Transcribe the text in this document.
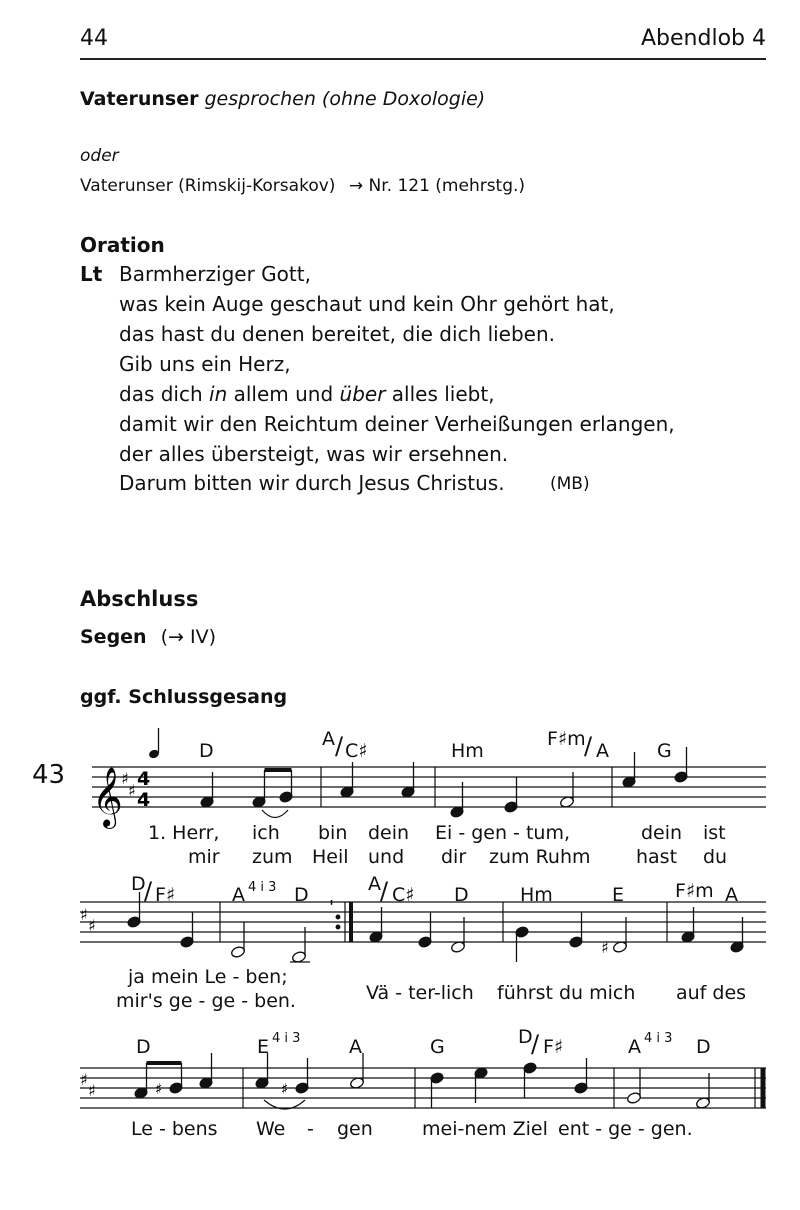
44	Abendlob 4
Vaterunser gesprochen (ohne Doxologie)
oder
Vaterunser (Rimskij-Korsakov) → Nr. 121 (mehrstg.)
Oration
Lt Barmherziger Gott,
was kein Auge geschaut und kein Ohr gehört hat,
das hast du denen bereitet, die dich lieben.
Gib uns ein Herz,
das dich in allem und über alles liebt,
damit wir den Reichtum deiner Verheißungen erlangen,
der alles übersteigt, was wir ersehnen.
Darum bitten wir durch Jesus Christus.	(MB)
Abschluss
Segen (→ IV)
ggf. Schlussgesang
43 𝄞
♯
♯
4
4
♯
♯
♯
♯
♯
'
♯	♯
D
A / C♯	Hm
F♯m
/ A	G
1. Herr, ich bin dein Ei - gen - tum,	dein ist
mir zum Heil und dir zum Ruhm hast du
D
/ F♯	A 4 i 3 D	A / C♯ D	Hm	E	F♯m A
ja mein Le - ben;
mir's ge - ge - ben.	Vä - ter-lich führst du mich auf des
D	E 4 i 3	A	G	D
/ F♯	A 4 i 3 D
Le - bens We - gen	mei-nem Ziel ent - ge - gen.
